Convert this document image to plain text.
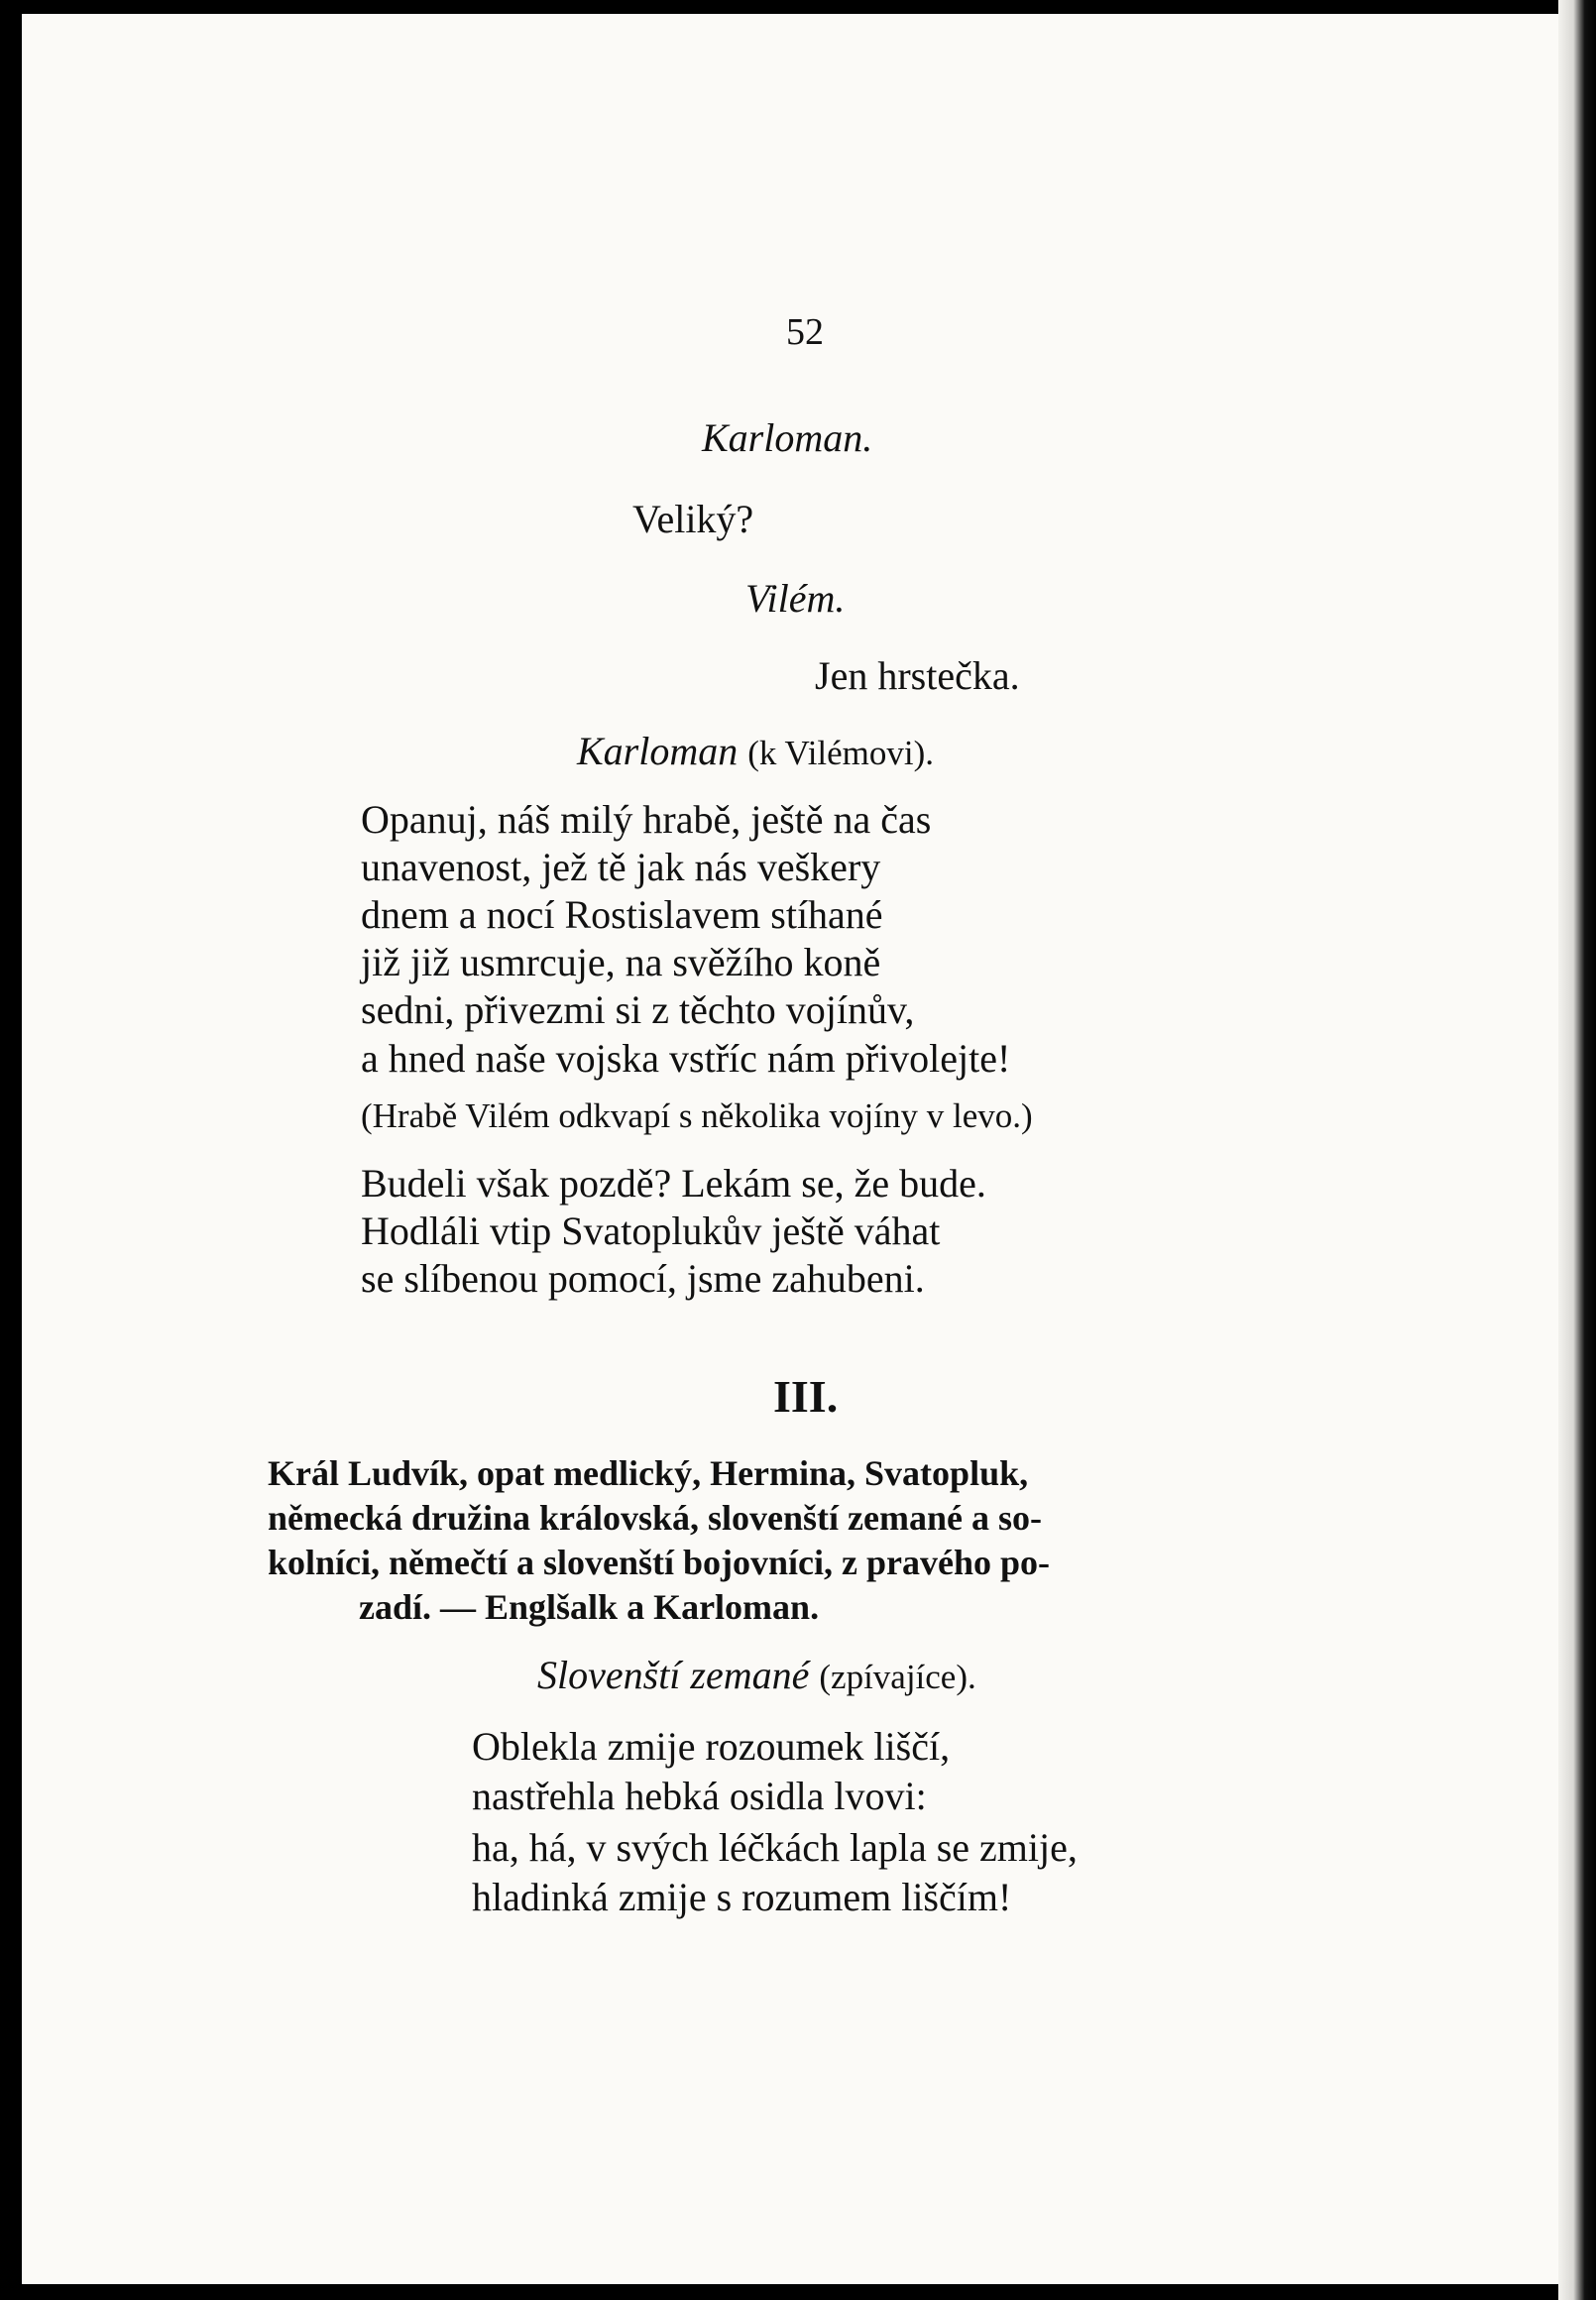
52
Karloman.
Veliký?
Vilém.
Jen hrstečka.
Karloman (k Vilémovi).
Opanuj, náš milý hrabě, ještě na čas
unavenost, jež tě jak nás veškery
dnem a nocí Rostislavem stíhané
již již usmrcuje, na svěžího koně
sedni, přivezmi si z těchto vojínův,
a hned naše vojska vstříc nám přivolejte!
(Hrabě Vilém odkvapí s několika vojíny v levo.)
Budeli však pozdě? Lekám se, že bude.
Hodláli vtip Svatoplukův ještě váhat
se slíbenou pomocí, jsme zahubeni.
III.
Král Ludvík, opat medlický, Hermina, Svatopluk,
německá družina královská, slovenští zemané a so-
kolníci, němečtí a slovenští bojovníci, z pravého po-
zadí. — Englšalk a Karloman.
Slovenští zemané (zpívajíce).
Oblekla zmije rozoumek liščí,
nastřehla hebká osidla lvovi:
ha, há, v svých léčkách lapla se zmije,
hladinká zmije s rozumem liščím!
